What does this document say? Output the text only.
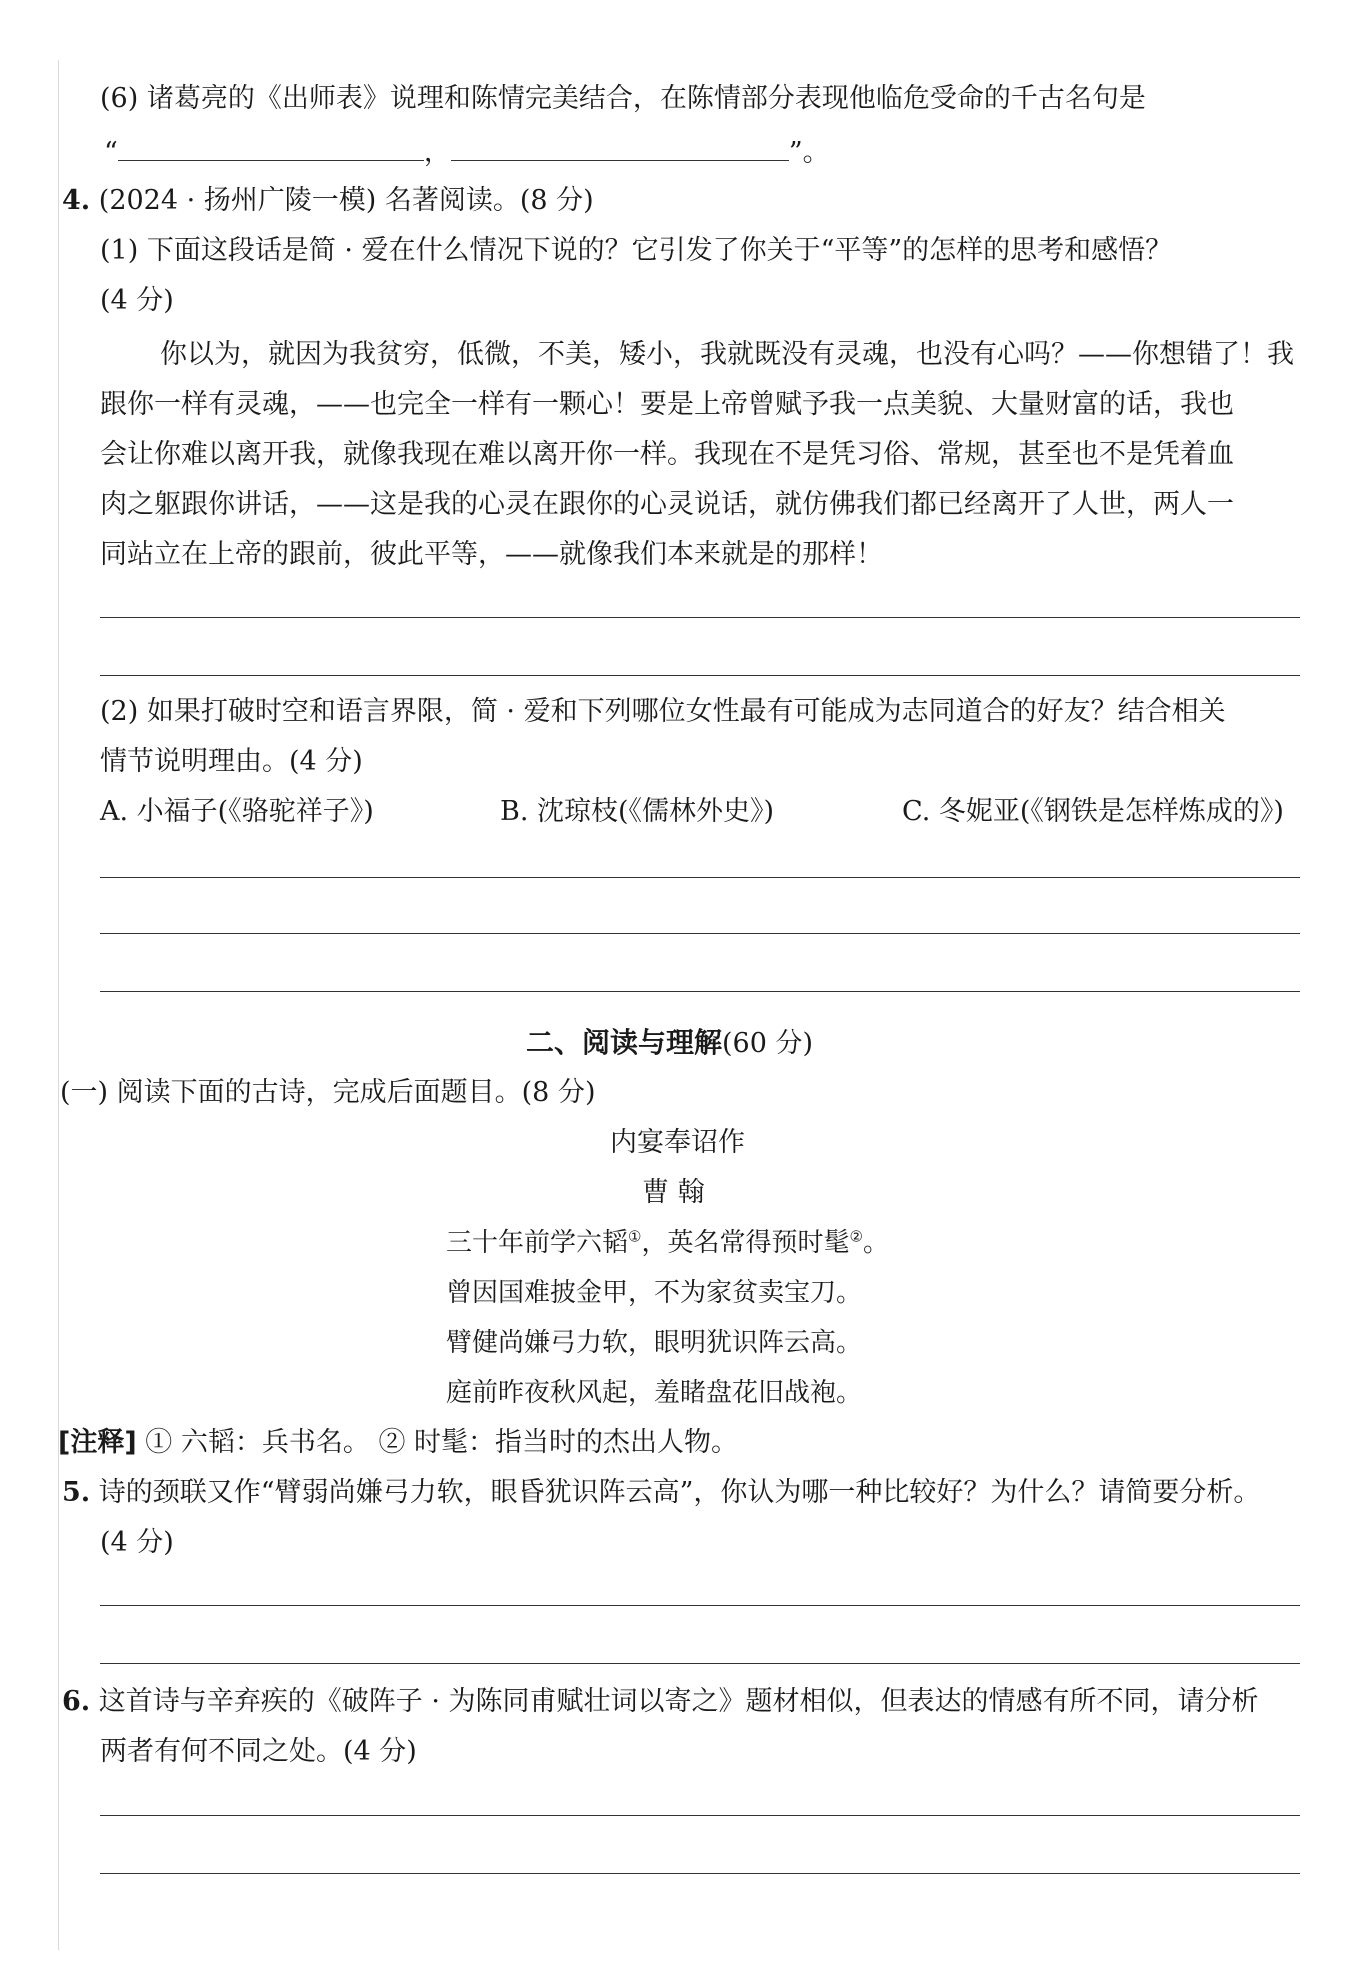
(6) 诸葛亮的《出师表》说理和陈情完美结合，在陈情部分表现他临危受命的千古名句是
“	，	”。
4. (2024 · 扬州广陵一模) 名著阅读。(8 分)
(1) 下面这段话是简 · 爱在什么情况下说的？它引发了你关于“平等”的怎样的思考和感悟？
(4 分)
你以为，就因为我贫穷，低微，不美，矮小，我就既没有灵魂，也没有心吗？——你想错了！我
跟你一样有灵魂，——也完全一样有一颗心！要是上帝曾赋予我一点美貌、大量财富的话，我也
会让你难以离开我，就像我现在难以离开你一样。我现在不是凭习俗、常规，甚至也不是凭着血
肉之躯跟你讲话，——这是我的心灵在跟你的心灵说话，就仿佛我们都已经离开了人世，两人一
同站立在上帝的跟前，彼此平等，——就像我们本来就是的那样！
(2) 如果打破时空和语言界限，简 · 爱和下列哪位女性最有可能成为志同道合的好友？结合相关
情节说明理由。(4 分)
A. 小福子(《骆驼祥子》)	B. 沈琼枝(《儒林外史》)	C. 冬妮亚(《钢铁是怎样炼成的》)
二、阅读与理解(60 分)
(一) 阅读下面的古诗，完成后面题目。(8 分)
内宴奉诏作
曹 翰
三十年前学六韬①，英名常得预时髦②。
曾因国难披金甲，不为家贫卖宝刀。
臂健尚嫌弓力软，眼明犹识阵云高。
庭前昨夜秋风起，羞睹盘花旧战袍。
[注释] ① 六韬：兵书名。 ② 时髦：指当时的杰出人物。
5. 诗的颈联又作“臂弱尚嫌弓力软，眼昏犹识阵云高”，你认为哪一种比较好？为什么？请简要分析。
(4 分)
6. 这首诗与辛弃疾的《破阵子 · 为陈同甫赋壮词以寄之》题材相似，但表达的情感有所不同，请分析
两者有何不同之处。(4 分)
